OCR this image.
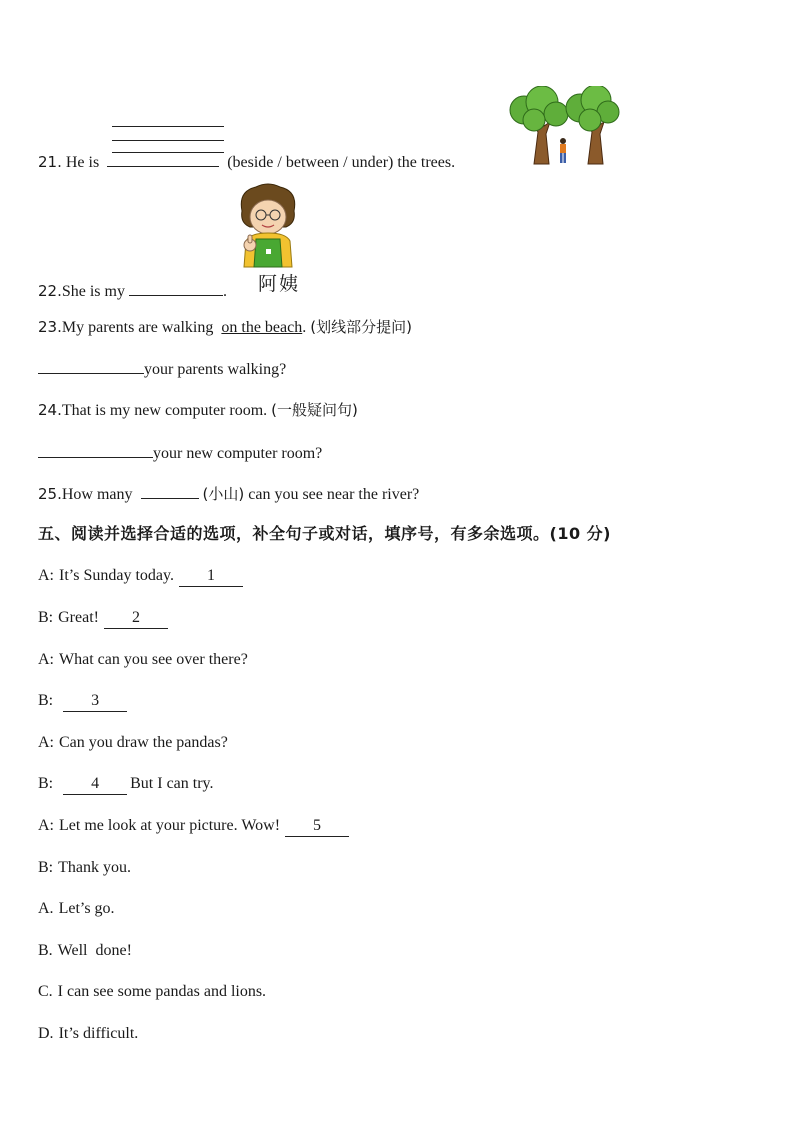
21. He is	(beside / between / under) the trees.
22.She is my	. 阿姨
23.My parents are walking on the beach. (划线部分提问)
your parents walking?
24.That is my new computer room. (一般疑问句)
your new computer room?
25.How many	(小山) can you see near the river?
五、阅读并选择合适的选项，补全句子或对话，填序号，有多余选项。(10 分)
A: It’s Sunday today. 1
B: Great! 2
A: What can you see over there?
B: 3
A: Can you draw the pandas?
B: 4 But I can try.
A: Let me look at your picture. Wow! 5
B: Thank you.
A. Let’s go.
B. Well  done!
C. I can see some pandas and lions.
D. It’s difficult.
